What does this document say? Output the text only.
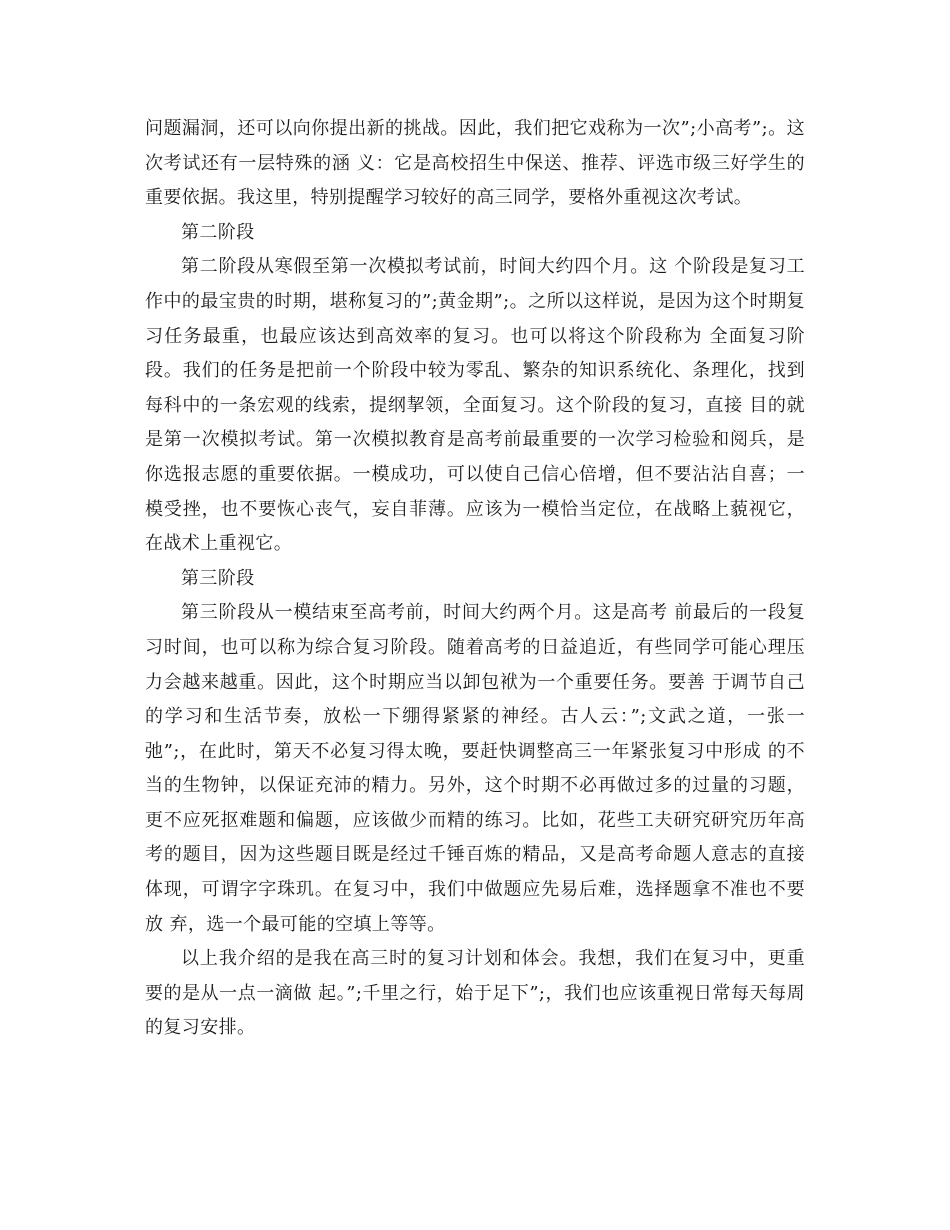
问题漏洞，还可以向你提出新的挑战。因此，我们把它戏称为一次”;小高考”;。这次考试还有一层特殊的涵 义：它是高校招生中保送、推荐、评选市级三好学生的重要依据。我这里，特别提醒学习较好的高三同学，要格外重视这次考试。

第二阶段

第二阶段从寒假至第一次模拟考试前，时间大约四个月。这 个阶段是复习工作中的最宝贵的时期，堪称复习的”;黄金期”;。之所以这样说，是因为这个时期复习任务最重，也最应该达到高效率的复习。也可以将这个阶段称为 全面复习阶段。我们的任务是把前一个阶段中较为零乱、繁杂的知识系统化、条理化，找到每科中的一条宏观的线索，提纲挈领，全面复习。这个阶段的复习，直接 目的就是第一次模拟考试。第一次模拟教育是高考前最重要的一次学习检验和阅兵，是你选报志愿的重要依据。一模成功，可以使自己信心倍增，但不要沾沾自喜；一模受挫，也不要恢心丧气，妄自菲薄。应该为一模恰当定位，在战略上藐视它，在战术上重视它。

第三阶段

第三阶段从一模结束至高考前，时间大约两个月。这是高考 前最后的一段复习时间，也可以称为综合复习阶段。随着高考的日益追近，有些同学可能心理压力会越来越重。因此，这个时期应当以卸包袱为一个重要任务。要善 于调节自己的学习和生活节奏，放松一下绷得紧紧的神经。古人云：”;文武之道，一张一弛”;，在此时，第天不必复习得太晚，要赶快调整高三一年紧张复习中形成 的不当的生物钟，以保证充沛的精力。另外，这个时期不必再做过多的过量的习题，更不应死抠难题和偏题，应该做少而精的练习。比如，花些工夫研究研究历年高考的题目，因为这些题目既是经过千锤百炼的精品，又是高考命题人意志的直接体现，可谓字字珠玑。在复习中，我们中做题应先易后难，选择题拿不准也不要放 弃，选一个最可能的空填上等等。

以上我介绍的是我在高三时的复习计划和体会。我想，我们在复习中，更重要的是从一点一滴做 起。”;千里之行，始于足下”;，我们也应该重视日常每天每周的复习安排。
